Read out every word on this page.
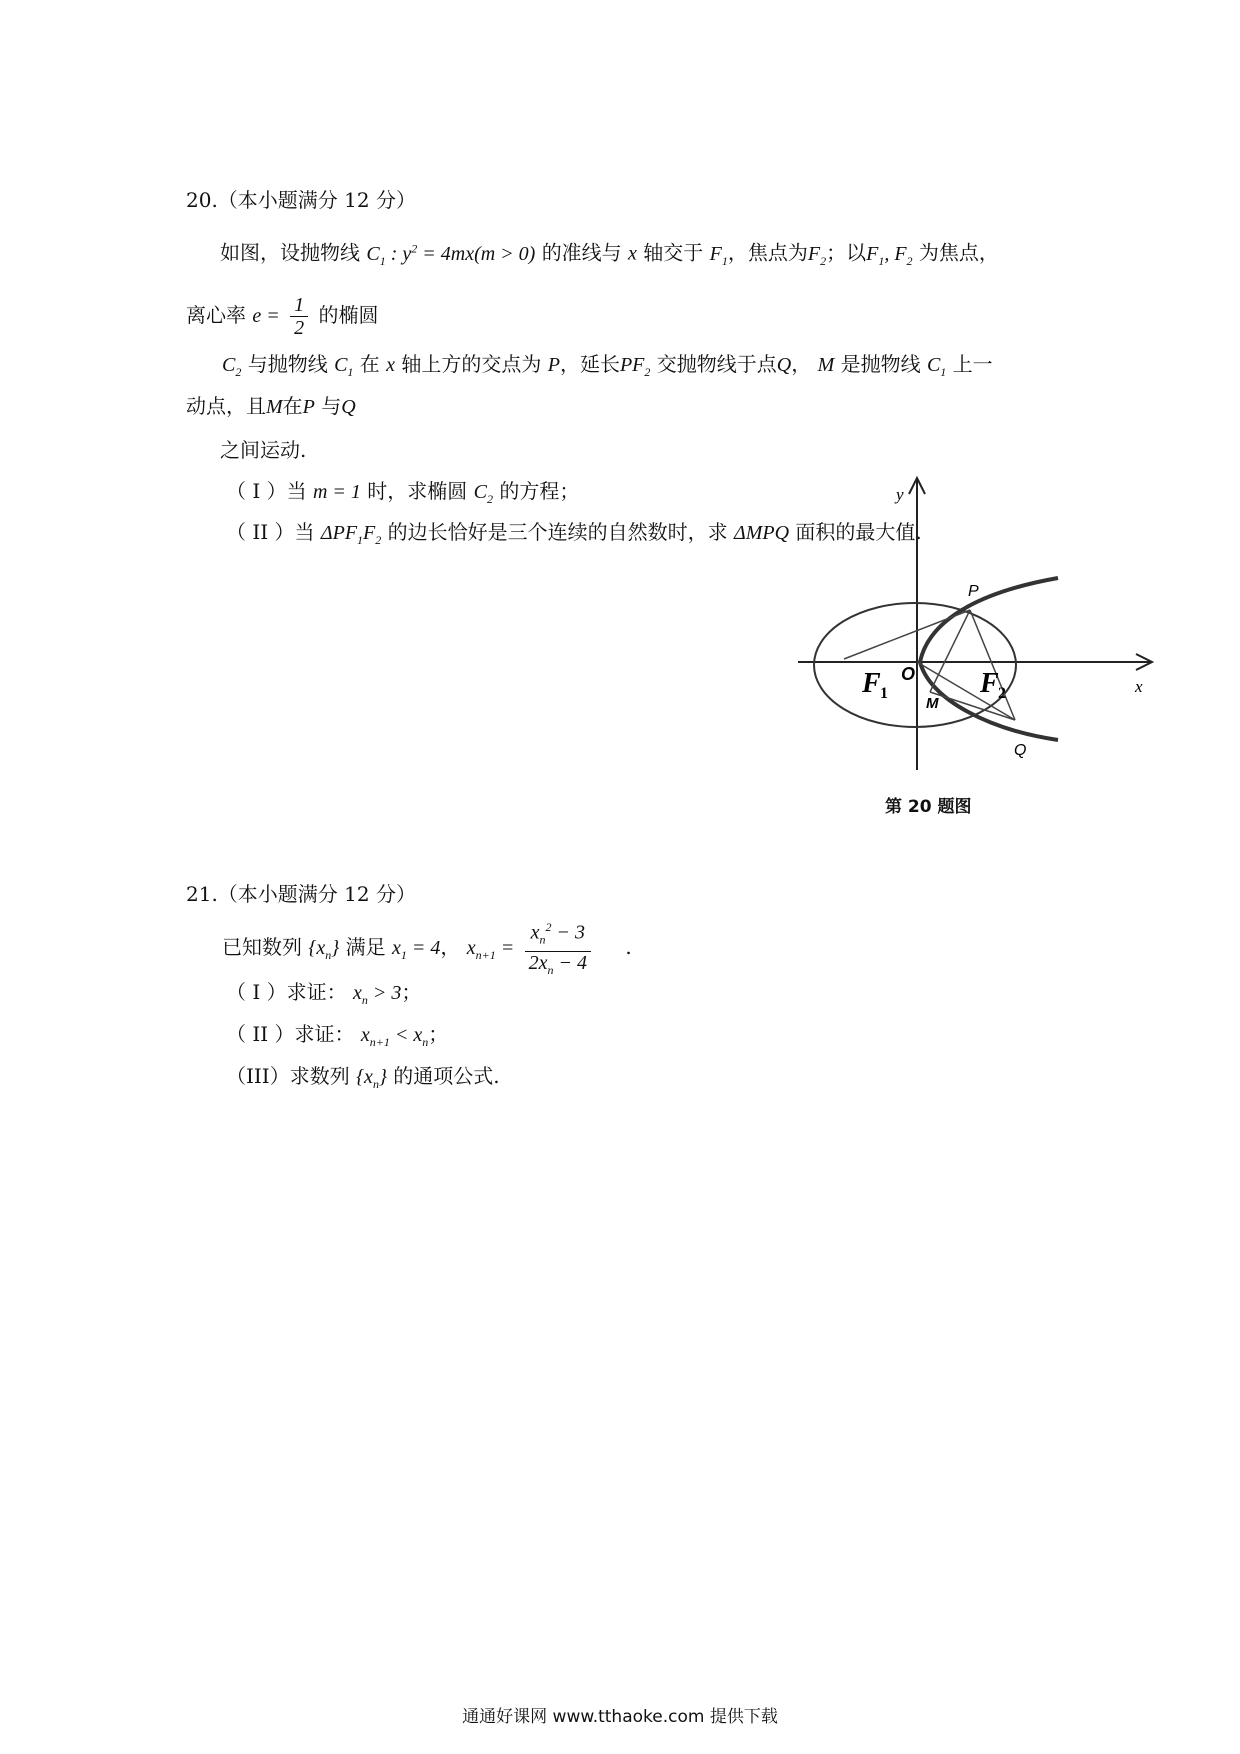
20.（本小题满分 12 分）
如图，设抛物线 $C_1$ : $y^2 = 4mx(m > 0)$ 的准线与 x 轴交于 $F_1$，焦点为$F_2$；以$F_1$, $F_2$ 为焦点，
离心率 $e = \frac{1}{2}$ 的椭圆
$C_2$ 与抛物线 $C_1$ 在 x 轴上方的交点为 P，延长$PF_2$ 交抛物线于点Q， M 是抛物线 $C_1$ 上一
动点，且M在P 与Q
之间运动.
（ I ）当 m = 1 时，求椭圆 $C_2$ 的方程；
（ II ）当 $\Delta PF_1F_2$ 的边长恰好是三个连续的自然数时，求 ΔMPQ 面积的最大值.
y
x
O
P
Q
M
F 1	F 2
第 20 题图
21.（本小题满分 12 分）
已知数列 $\{x_n\}$ 满足 $x_1 = 4$， $x_{n+1} = \frac{x_n^2 - 3}{2x_n - 4}$ .
（ I ）求证： $x_n > 3$；
（ II ）求证： $x_{n+1} < x_n$；
（III）求数列 $\{x_n\}$ 的通项公式.
通通好课网 www.tthaoke.com 提供下载
